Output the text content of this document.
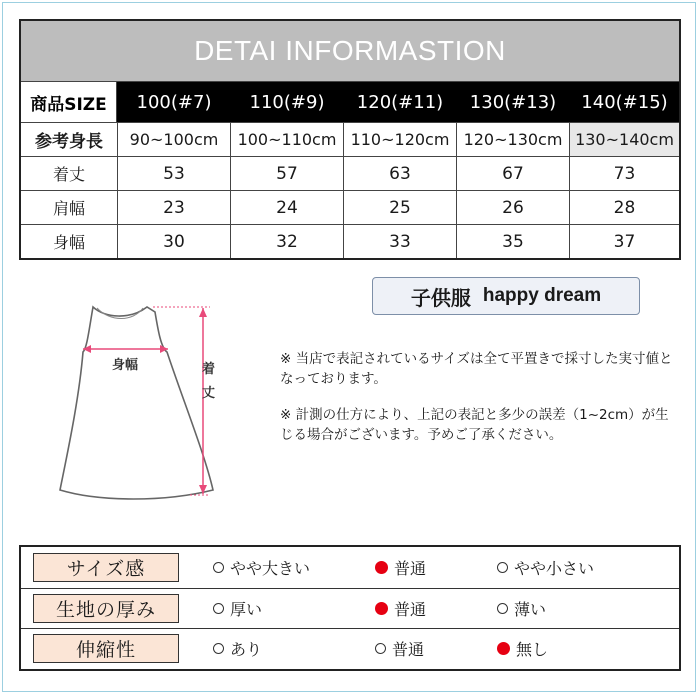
DETAI INFORMASTION
商品SIZE	100(#7)	110(#9)	120(#11)	130(#13)	140(#15)
参考身長	90~100cm	100~110cm 110~120cm 120~130cm 130~140cm
着丈	53	57	63	67	73
肩幅	23	24	25	26	28
身幅	30	32	33	35	37
身幅	着
丈
子供服 happy dream
※ 当店で表記されているサイズは全て平置きで採寸した実寸値となっております。
※ 計測の仕方により、上記の表記と多少の誤差（1~2cm）が生じる場合がございます。予めご了承ください。
サイズ感	やや大きい	普通	やや小さい
生地の厚み	厚い	普通	薄い
伸縮性	あり	普通	無し
